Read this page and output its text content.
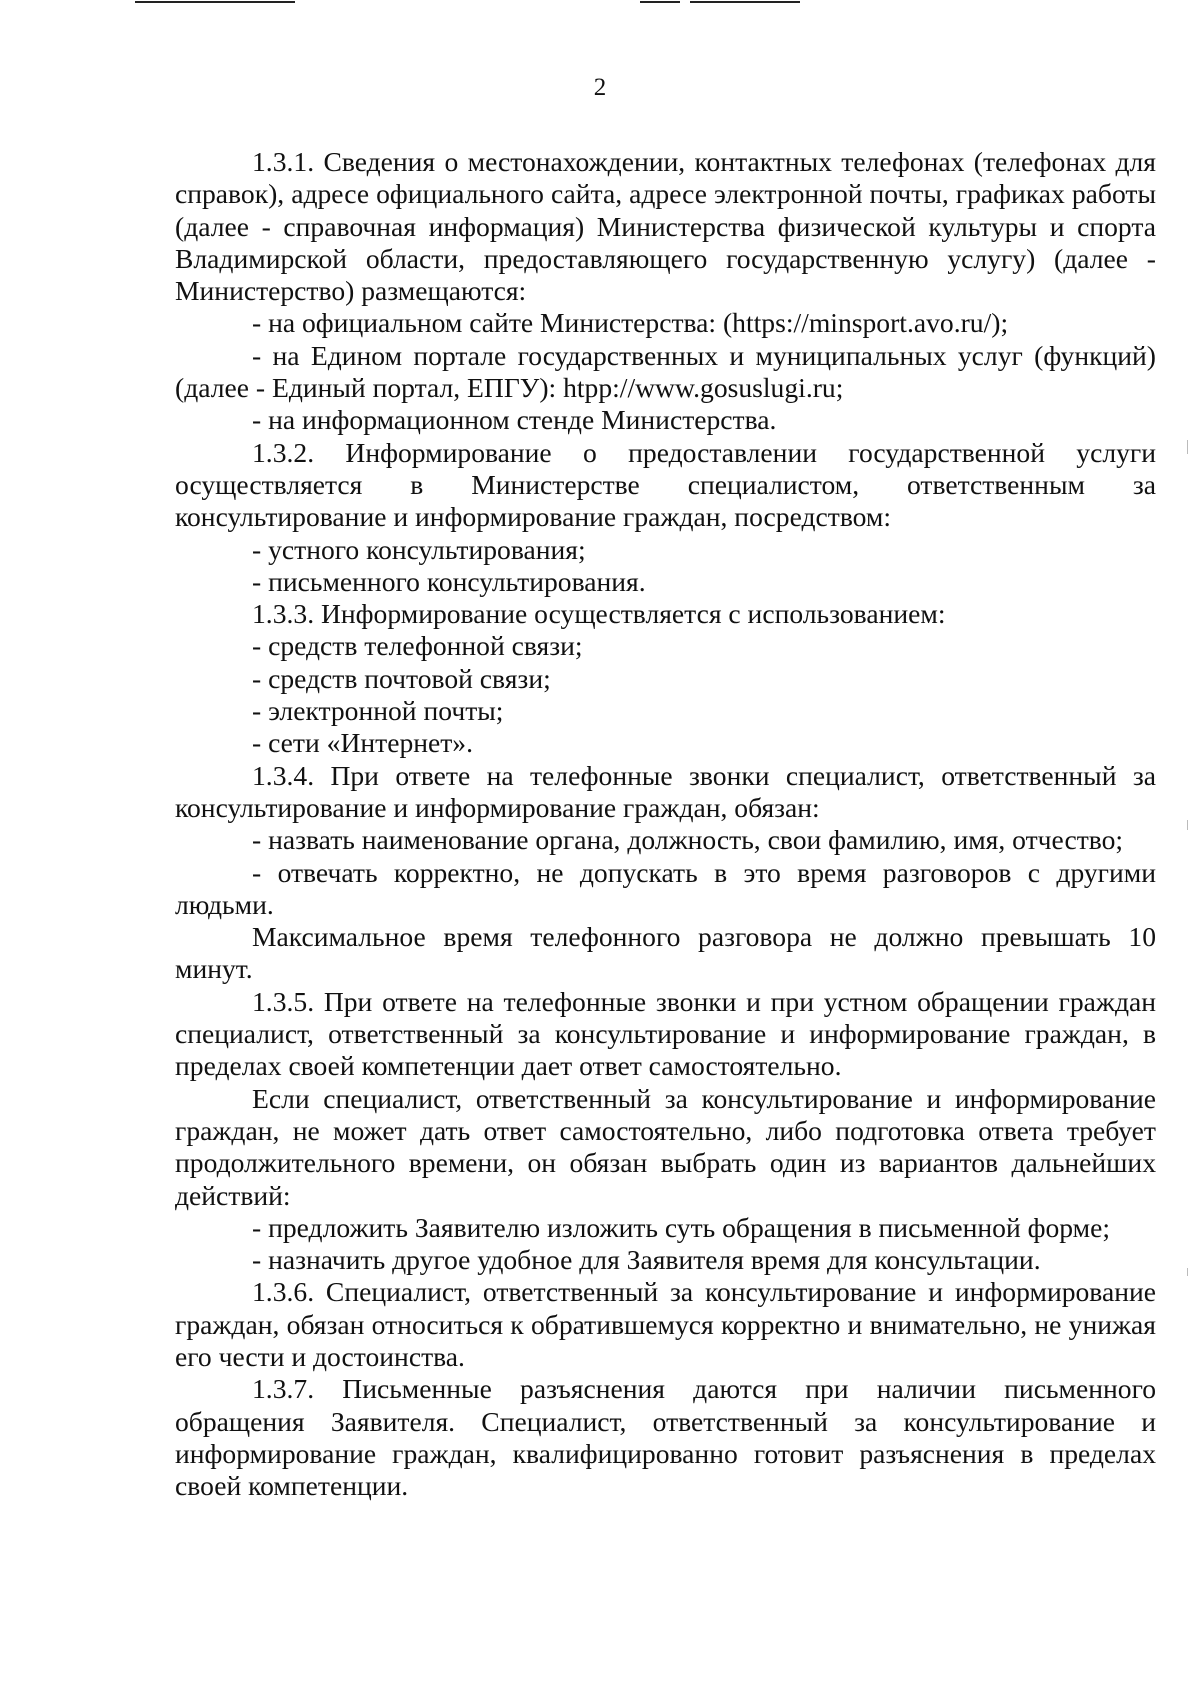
2

1.3.1. Сведения о местонахождении, контактных телефонах (телефонах для справок), адресе официального сайта, адресе электронной почты, графиках работы (далее - справочная информация) Министерства физической культуры и спорта Владимирской области, предоставляющего государственную услугу) (далее - Министерство) размещаются:

- на официальном сайте Министерства: (https://minsport.avo.ru/);

- на Едином портале государственных и муниципальных услуг (функций) (далее - Единый портал, ЕПГУ): htpp://www.gosuslugi.ru;

- на информационном стенде Министерства.

1.3.2. Информирование о предоставлении государственной услуги осуществляется в Министерстве специалистом, ответственным за консультирование и информирование граждан, посредством:

- устного консультирования;

- письменного консультирования.

1.3.3. Информирование осуществляется с использованием:

- средств телефонной связи;

- средств почтовой связи;

- электронной почты;

- сети «Интернет».

1.3.4. При ответе на телефонные звонки специалист, ответственный за консультирование и информирование граждан, обязан:

- назвать наименование органа, должность, свои фамилию, имя, отчество;

- отвечать корректно, не допускать в это время разговоров с другими людьми.

Максимальное время телефонного разговора не должно превышать 10 минут.

1.3.5. При ответе на телефонные звонки и при устном обращении граждан специалист, ответственный за консультирование и информирование граждан, в пределах своей компетенции дает ответ самостоятельно.

Если специалист, ответственный за консультирование и информирование граждан, не может дать ответ самостоятельно, либо подготовка ответа требует продолжительного времени, он обязан выбрать один из вариантов дальнейших действий:

- предложить Заявителю изложить суть обращения в письменной форме;

- назначить другое удобное для Заявителя время для консультации.

1.3.6. Специалист, ответственный за консультирование и информирование граждан, обязан относиться к обратившемуся корректно и внимательно, не унижая его чести и достоинства.

1.3.7. Письменные разъяснения даются при наличии письменного обращения Заявителя. Специалист, ответственный за консультирование и информирование граждан, квалифицированно готовит разъяснения в пределах своей компетенции.
